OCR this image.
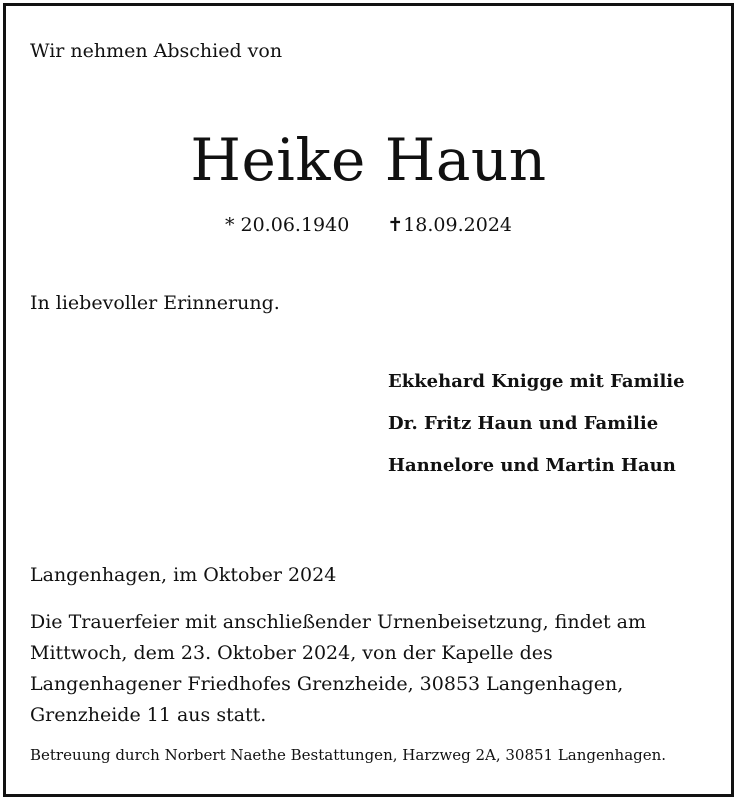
Wir nehmen Abschied von
Heike Haun
* 20.06.1940 ✝18.09.2024
In liebevoller Erinnerung.
Ekkehard Knigge mit Familie
Dr. Fritz Haun und Familie
Hannelore und Martin Haun
Langenhagen, im Oktober 2024
Die Trauerfeier mit anschließender Urnenbeisetzung, findet am
Mittwoch, dem 23. Oktober 2024, von der Kapelle des
Langenhagener Friedhofes Grenzheide, 30853 Langenhagen,
Grenzheide 11 aus statt.
Betreuung durch Norbert Naethe Bestattungen, Harzweg 2A, 30851 Langenhagen.
